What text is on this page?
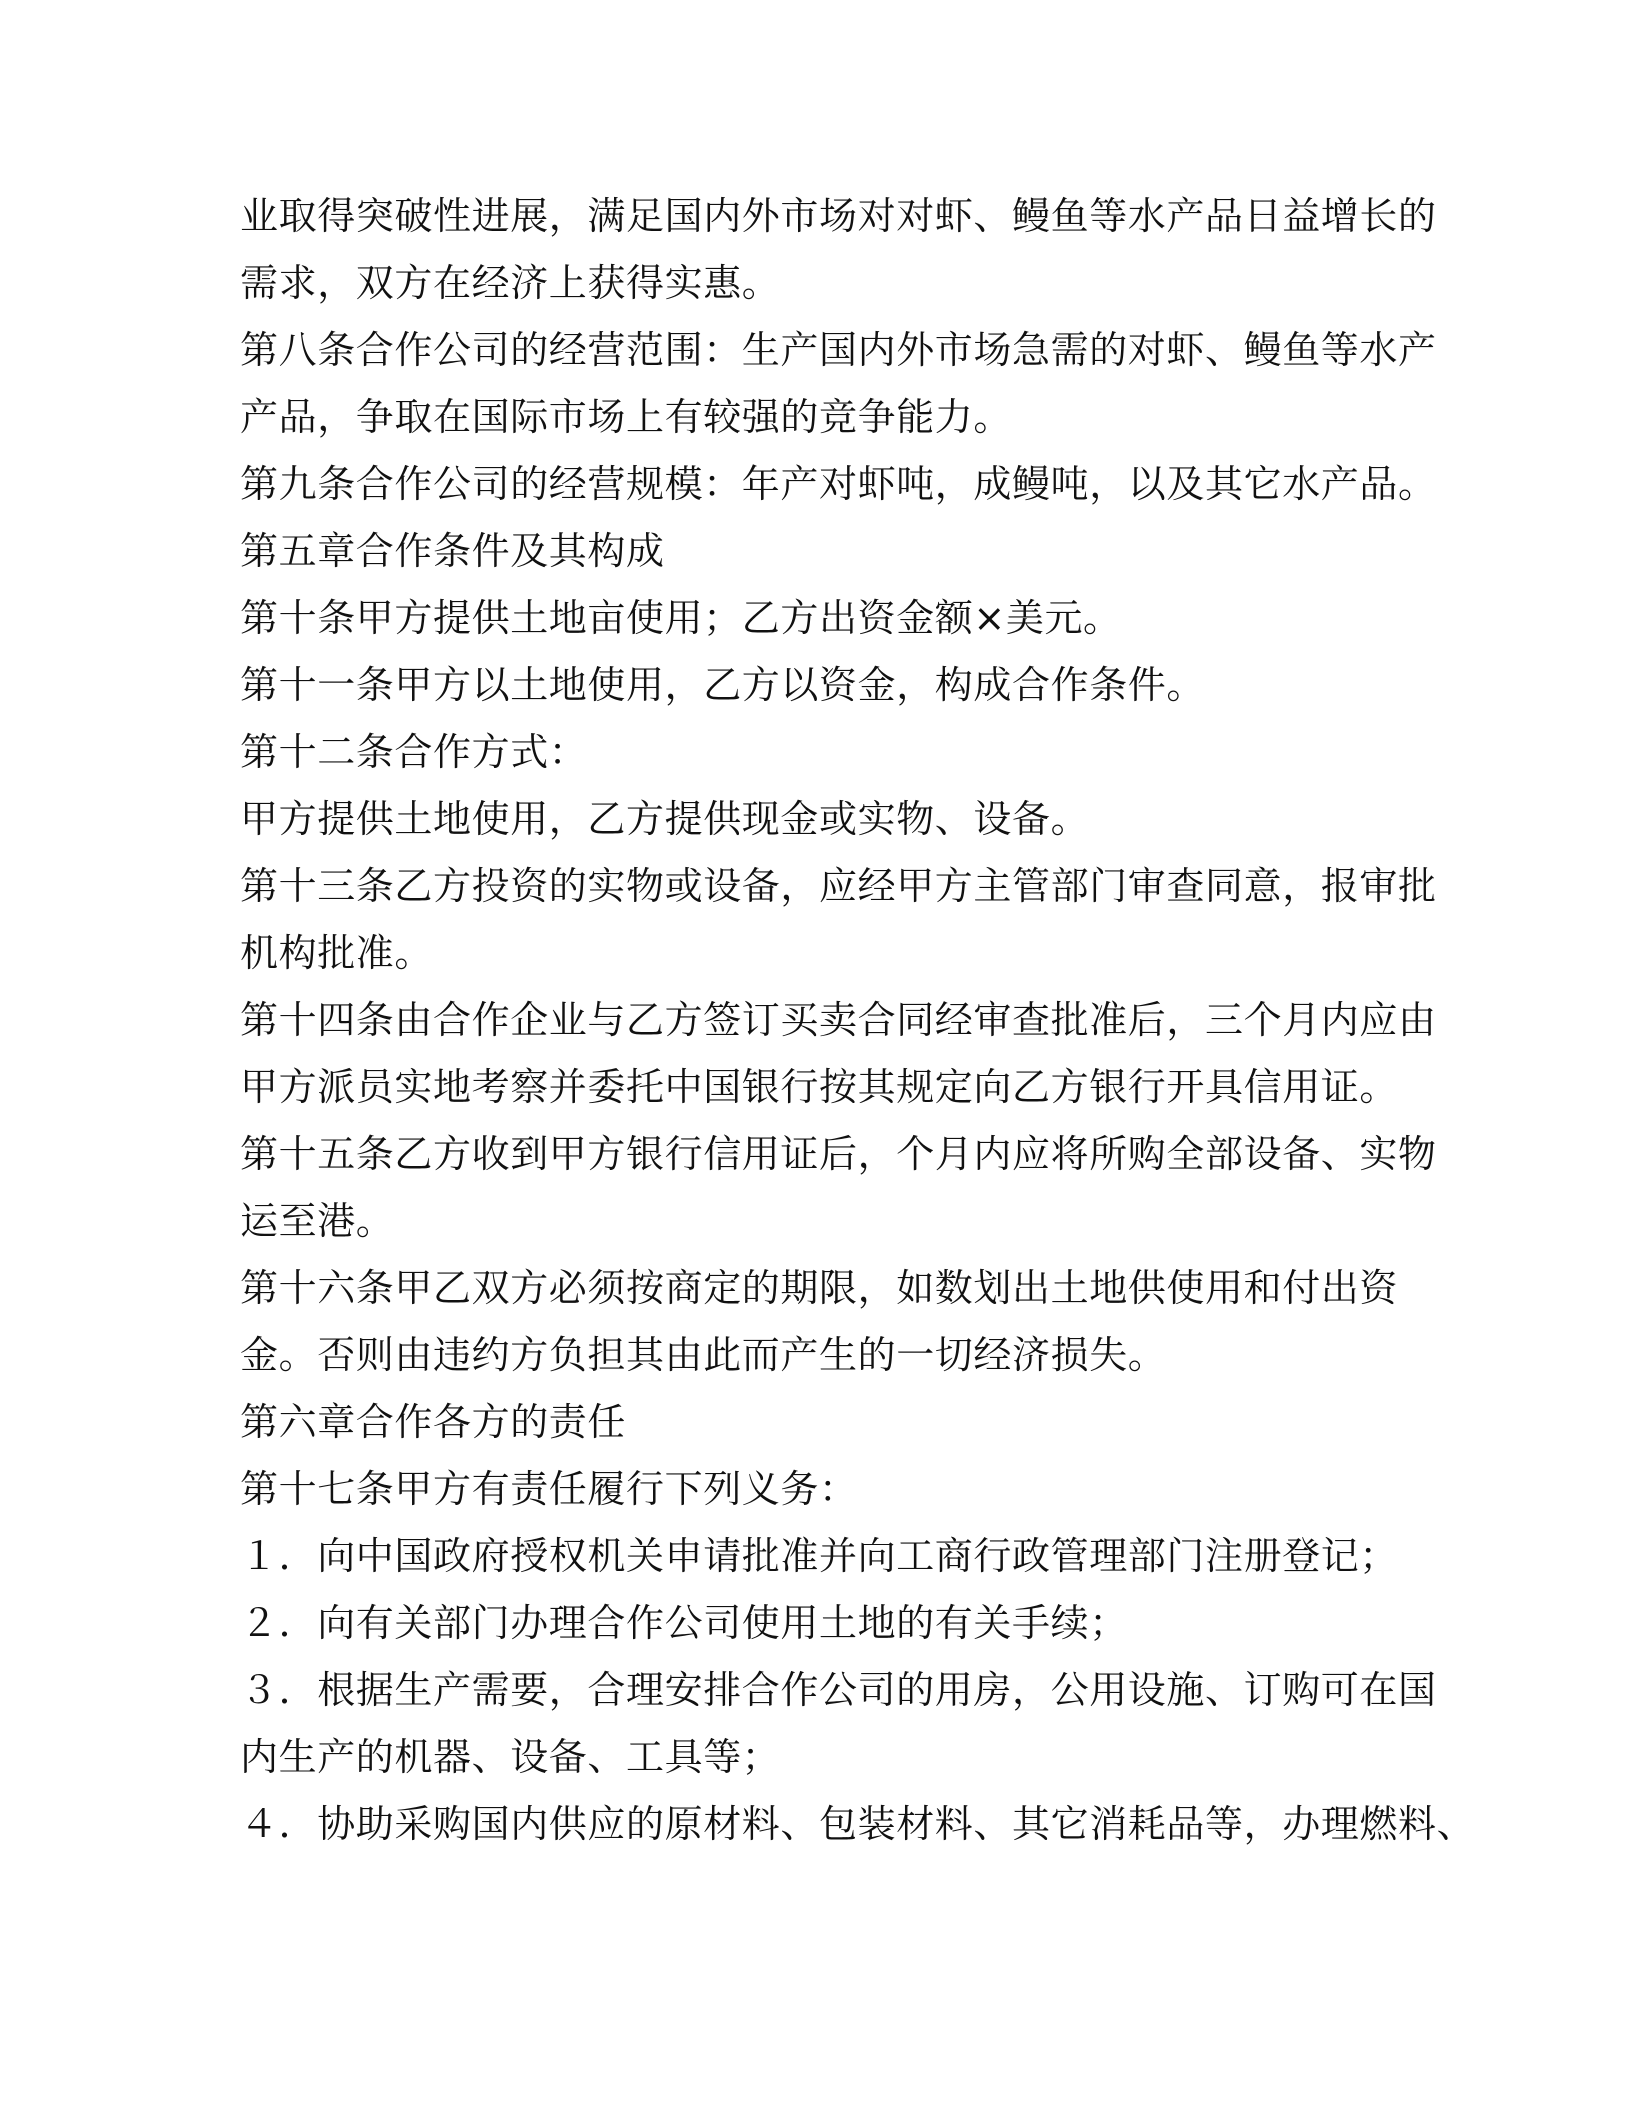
业取得突破性进展，满足国内外市场对对虾、鳗鱼等水产品日益增长的
需求，双方在经济上获得实惠。
第八条合作公司的经营范围：生产国内外市场急需的对虾、鳗鱼等水产
产品，争取在国际市场上有较强的竞争能力。
第九条合作公司的经营规模：年产对虾吨，成鳗吨，以及其它水产品。
第五章合作条件及其构成
第十条甲方提供土地亩使用；乙方出资金额×美元。
第十一条甲方以土地使用，乙方以资金，构成合作条件。
第十二条合作方式：
甲方提供土地使用，乙方提供现金或实物、设备。
第十三条乙方投资的实物或设备，应经甲方主管部门审查同意，报审批
机构批准。
第十四条由合作企业与乙方签订买卖合同经审查批准后，三个月内应由
甲方派员实地考察并委托中国银行按其规定向乙方银行开具信用证。
第十五条乙方收到甲方银行信用证后，个月内应将所购全部设备、实物
运至港。
第十六条甲乙双方必须按商定的期限，如数划出土地供使用和付出资
金。否则由违约方负担其由此而产生的一切经济损失。
第六章合作各方的责任
第十七条甲方有责任履行下列义务：
１．向中国政府授权机关申请批准并向工商行政管理部门注册登记；
２．向有关部门办理合作公司使用土地的有关手续；
３．根据生产需要，合理安排合作公司的用房，公用设施、订购可在国
内生产的机器、设备、工具等；
４．协助采购国内供应的原材料、包装材料、其它消耗品等，办理燃料、
